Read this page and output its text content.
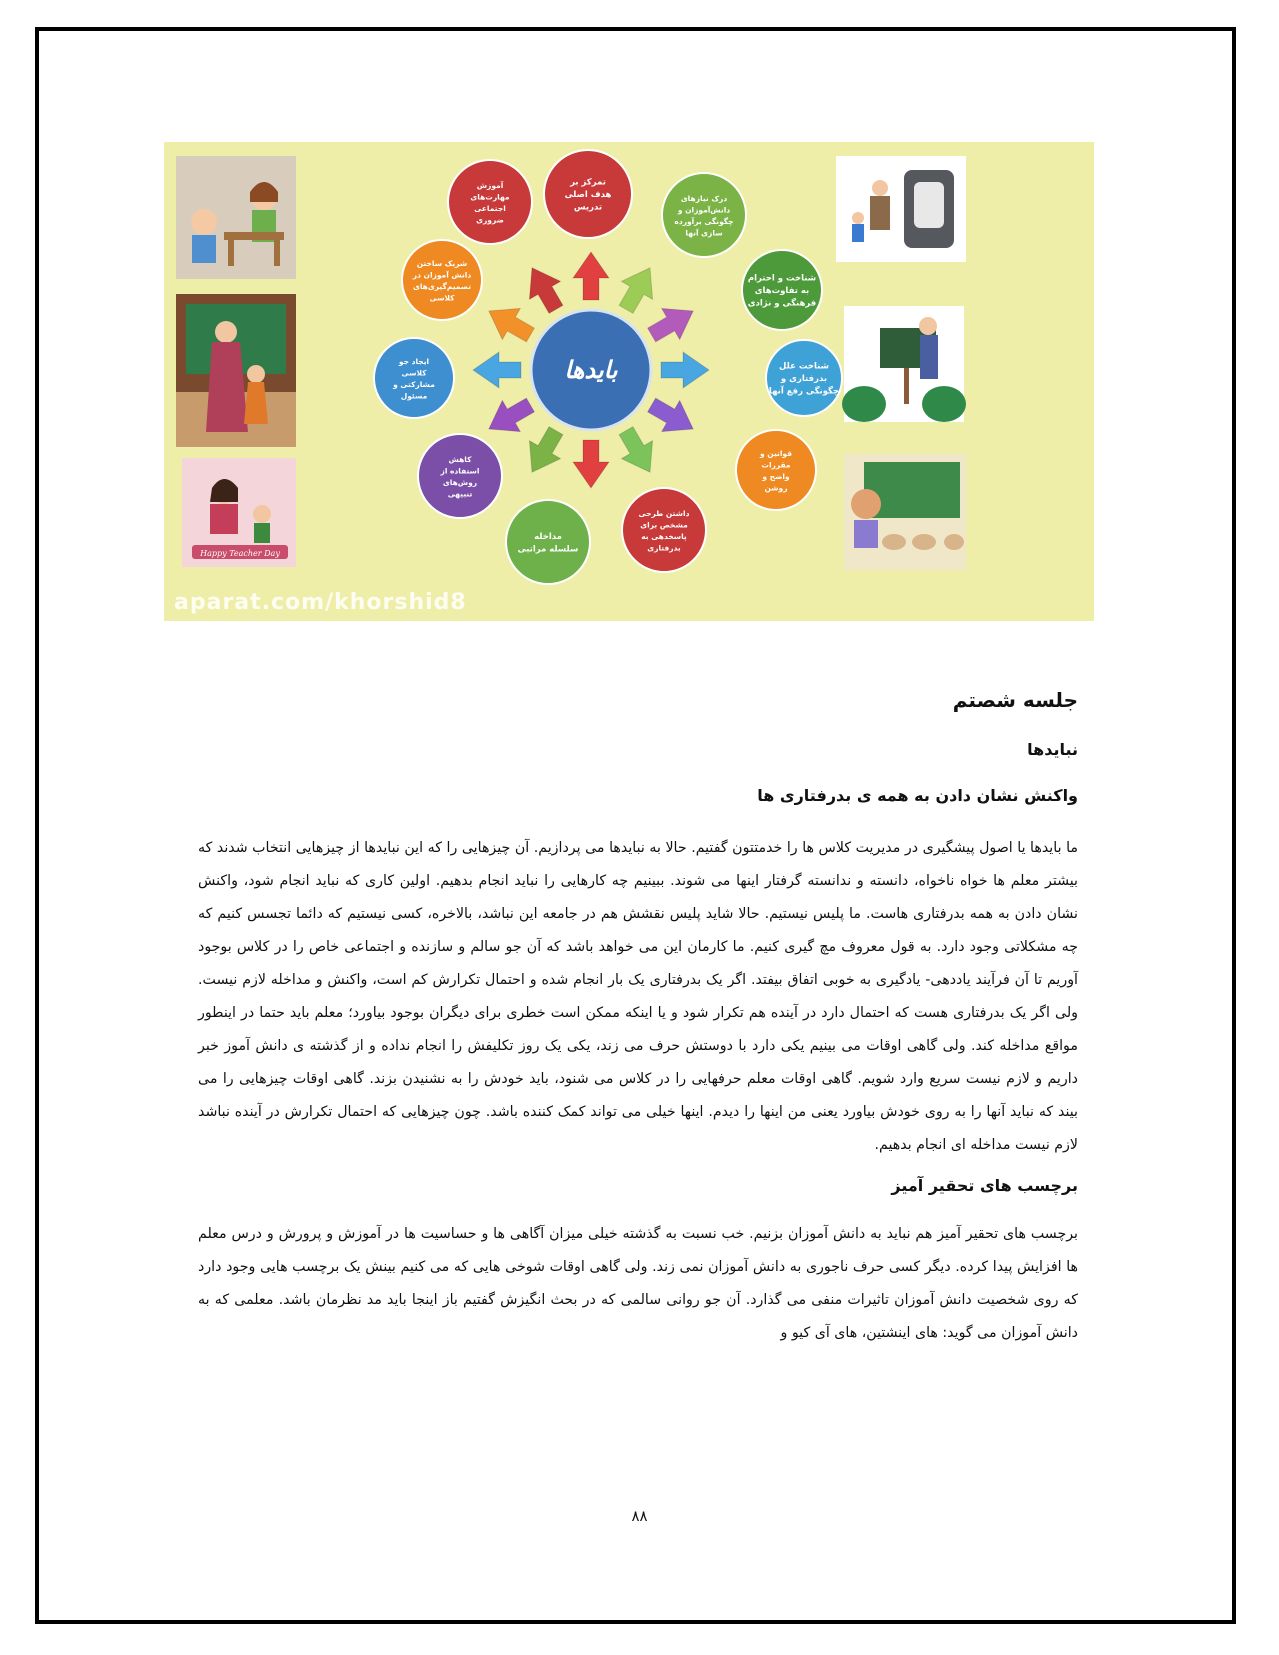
Happy Teacher Day
تمرکز بر
هدف اصلی
تدریس
درک نیازهای
دانش‌آموزان و
چگونگی برآورده
سازی آنها
شناخت و احترام
به تفاوت‌های
فرهنگی و نژادی
شناخت علل
بدرفتاری و
چگونگی رفع آنها
قوانین و
مقررات
واضح و
روشن
داشتن طرحی
مشخص برای
پاسخدهی به
بدرفتاری
مداخله
سلسله مراتبی
کاهش
استفاده از
روش‌های
تنبیهی
ایجاد جو
کلاسی
مشارکتی و
مسئول
شریک ساختن
دانش آموزان در
تصمیم‌گیری‌های
کلاسی
آموزش
مهارت‌های
اجتماعی
ضروری
بایدها
aparat.com/khorshid8
جلسه شصتم
نبایدها
واکنش نشان دادن به همه ی بدرفتاری ها

ما بایدها یا اصول پیشگیری در مدیریت کلاس ها را خدمتتون گفتیم. حالا به نبایدها می پردازیم. آن چیزهایی را که این نبایدها از چیزهایی انتخاب شدند که بیشتر معلم ها خواه ناخواه، دانسته و ندانسته گرفتار اینها می شوند. ببینیم چه کارهایی را نباید انجام بدهیم. اولین کاری که نباید انجام شود، واکنش نشان دادن به همه بدرفتاری هاست. ما پلیس نیستیم. حالا شاید پلیس نقشش هم در جامعه این نباشد، بالاخره، کسی نیستیم که دائما تجسس کنیم که چه مشکلاتی وجود دارد. به قول معروف مچ گیری کنیم. ما کارمان این می خواهد باشد که آن جو سالم و سازنده و اجتماعی خاص را در کلاس بوجود آوریم تا آن فرآیند یاددهی- یادگیری به خوبی اتفاق بیفتد. اگر یک بدرفتاری یک بار انجام شده و احتمال تکرارش کم است، واکنش و مداخله لازم نیست. ولی اگر یک بدرفتاری هست که احتمال دارد در آینده هم تکرار شود و یا اینکه ممکن است خطری برای دیگران بوجود بیاورد؛ معلم باید حتما در اینطور مواقع مداخله کند. ولی گاهی اوقات می بینیم یکی دارد با دوستش حرف می زند، یکی یک روز تکلیفش را انجام نداده و از گذشته ی دانش آموز خبر داریم و لازم نیست سریع وارد شویم. گاهی اوقات معلم حرفهایی را در کلاس می شنود، باید خودش را به نشنیدن بزند. گاهی اوقات چیزهایی را می بیند که نباید آنها را به روی خودش بیاورد یعنی من اینها را دیدم. اینها خیلی می تواند کمک کننده باشد. چون چیزهایی که احتمال تکرارش در آینده نباشد لازم نیست مداخله ای انجام بدهیم.

برچسب های تحقیر آمیز

برچسب های تحقیر آمیز هم نباید به دانش آموزان بزنیم. خب نسبت به گذشته خیلی میزان آگاهی ها و حساسیت ها در آموزش و پرورش و درس معلم ها افزایش پیدا کرده. دیگر کسی حرف ناجوری به دانش آموزان نمی زند. ولی گاهی اوقات شوخی هایی که می کنیم بینش یک برچسب هایی وجود دارد که روی شخصیت دانش آموزان تاثیرات منفی می گذارد. آن جو روانی سالمی که در بحث انگیزش گفتیم باز اینجا باید مد نظرمان باشد. معلمی که به دانش آموزان می گوید: های اینشتین، های آی کیو و

۸۸
